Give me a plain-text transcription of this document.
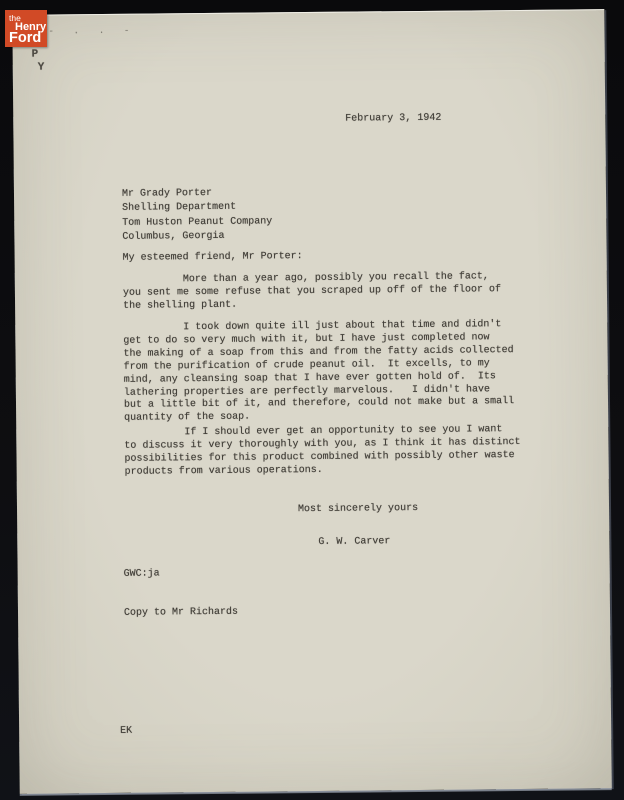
-  .  .  -
P
Y
February 3, 1942
Mr Grady Porter
Shelling Department
Tom Huston Peanut Company
Columbus, Georgia
My esteemed friend, Mr Porter:
More than a year ago, possibly you recall the fact,
you sent me some refuse that you scraped up off of the floor of
the shelling plant.
I took down quite ill just about that time and didn't
get to do so very much with it, but I have just completed now
the making of a soap from this and from the fatty acids collected
from the purification of crude peanut oil.  It excells, to my
mind, any cleansing soap that I have ever gotten hold of.  Its
lathering properties are perfectly marvelous.   I didn't have
but a little bit of it, and therefore, could not make but a small
quantity of the soap.
If I should ever get an opportunity to see you I want
to discuss it very thoroughly with you, as I think it has distinct
possibilities for this product combined with possibly other waste
products from various operations.
Most sincerely yours
G. W. Carver
GWC:ja
Copy to Mr Richards
EK
the
Henry
Ford
